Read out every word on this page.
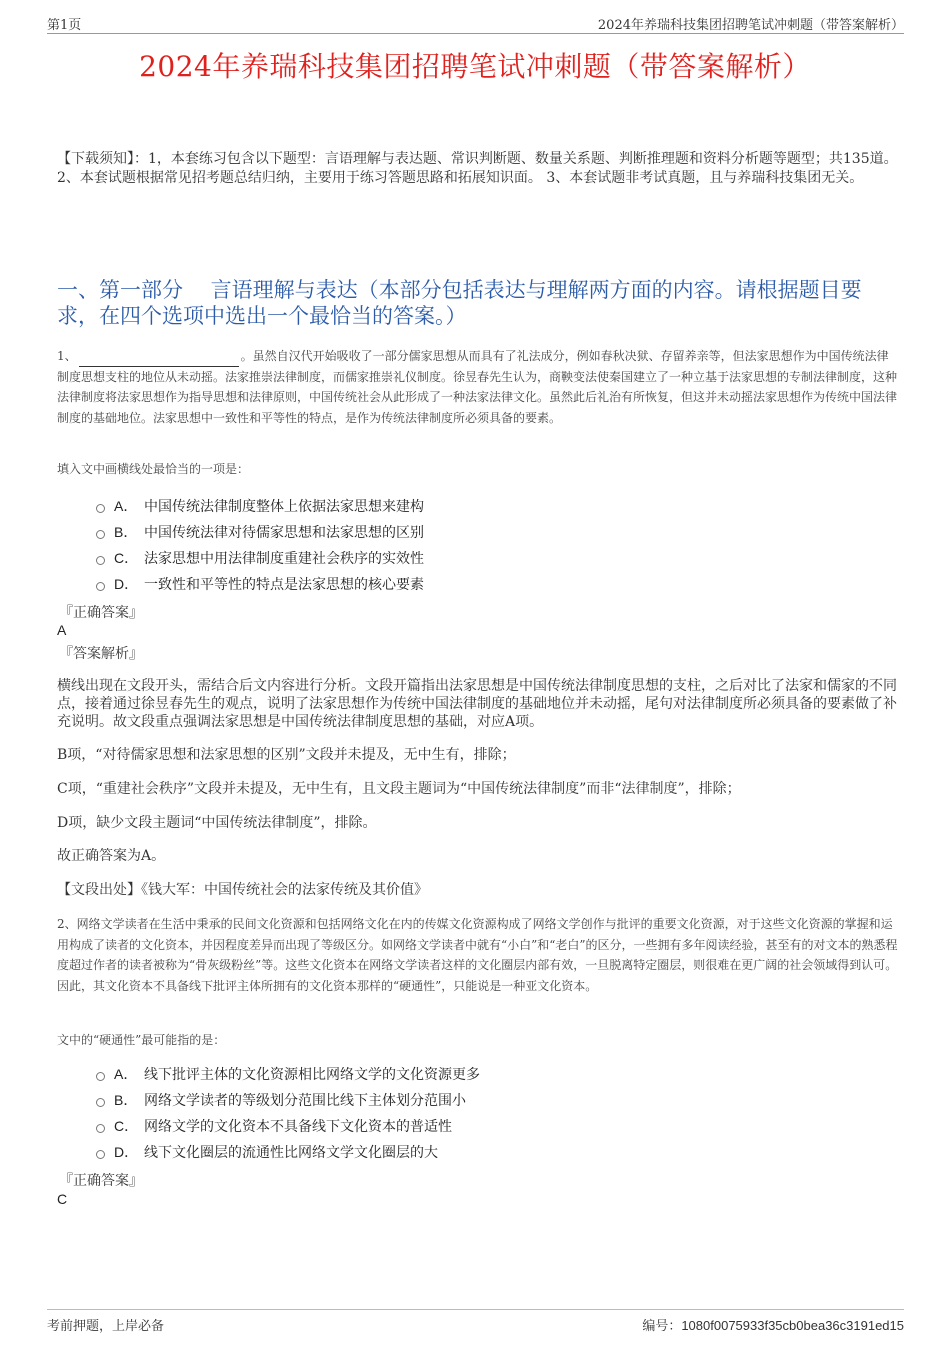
第1页	2024年养瑞科技集团招聘笔试冲刺题（带答案解析）
2024年养瑞科技集团招聘笔试冲刺题（带答案解析）
【下载须知】：1，本套练习包含以下题型：言语理解与表达题、常识判断题、数量关系题、判断推理题和资料分析题等题型；共135道。 2、本套试题根据常见招考题总结归纳，主要用于练习答题思路和拓展知识面。 3、本套试题非考试真题，且与养瑞科技集团无关。
一、第一部分　 言语理解与表达（本部分包括表达与理解两方面的内容。请根据题目要求，在四个选项中选出一个最恰当的答案。）
1、	。虽然自汉代开始吸收了一部分儒家思想从而具有了礼法成分，例如春秋决狱、存留养亲等，但法家思想作为中国传统法律制度思想支柱的地位从未动摇。法家推崇法律制度，而儒家推崇礼仪制度。徐昱春先生认为，商鞅变法使秦国建立了一种立基于法家思想的专制法律制度，这种法律制度将法家思想作为指导思想和法律原则，中国传统社会从此形成了一种法家法律文化。虽然此后礼治有所恢复，但这并未动摇法家思想作为传统中国法律制度的基础地位。法家思想中一致性和平等性的特点，是作为传统法律制度所必须具备的要素。
填入文中画横线处最恰当的一项是：
A． 中国传统法律制度整体上依据法家思想来建构
B． 中国传统法律对待儒家思想和法家思想的区别
C． 法家思想中用法律制度重建社会秩序的实效性
D． 一致性和平等性的特点是法家思想的核心要素
『正确答案』
A
『答案解析』
横线出现在文段开头，需结合后文内容进行分析。文段开篇指出法家思想是中国传统法律制度思想的支柱，之后对比了法家和儒家的不同点，接着通过徐昱春先生的观点，说明了法家思想作为传统中国法律制度的基础地位并未动摇，尾句对法律制度所必须具备的要素做了补充说明。故文段重点强调法家思想是中国传统法律制度思想的基础，对应A项。
B项，“对待儒家思想和法家思想的区别”文段并未提及，无中生有，排除；
C项，“重建社会秩序”文段并未提及，无中生有，且文段主题词为“中国传统法律制度”而非“法律制度”，排除；
D项，缺少文段主题词“中国传统法律制度”，排除。
故正确答案为A。
【文段出处】《钱大军：中国传统社会的法家传统及其价值》
2、网络文学读者在生活中秉承的民间文化资源和包括网络文化在内的传媒文化资源构成了网络文学创作与批评的重要文化资源，对于这些文化资源的掌握和运用构成了读者的文化资本，并因程度差异而出现了等级区分。如网络文学读者中就有“小白”和“老白”的区分，一些拥有多年阅读经验，甚至有的对文本的熟悉程度超过作者的读者被称为“骨灰级粉丝”等。这些文化资本在网络文学读者这样的文化圈层内部有效，一旦脱离特定圈层，则很难在更广阔的社会领域得到认可。因此，其文化资本不具备线下批评主体所拥有的文化资本那样的“硬通性”，只能说是一种亚文化资本。
文中的“硬通性”最可能指的是：
A． 线下批评主体的文化资源相比网络文学的文化资源更多
B． 网络文学读者的等级划分范围比线下主体划分范围小
C． 网络文学的文化资本不具备线下文化资本的普适性
D． 线下文化圈层的流通性比网络文学文化圈层的大
『正确答案』
C
考前押题，上岸必备	编号：1080f0075933f35cb0bea36c3191ed15
